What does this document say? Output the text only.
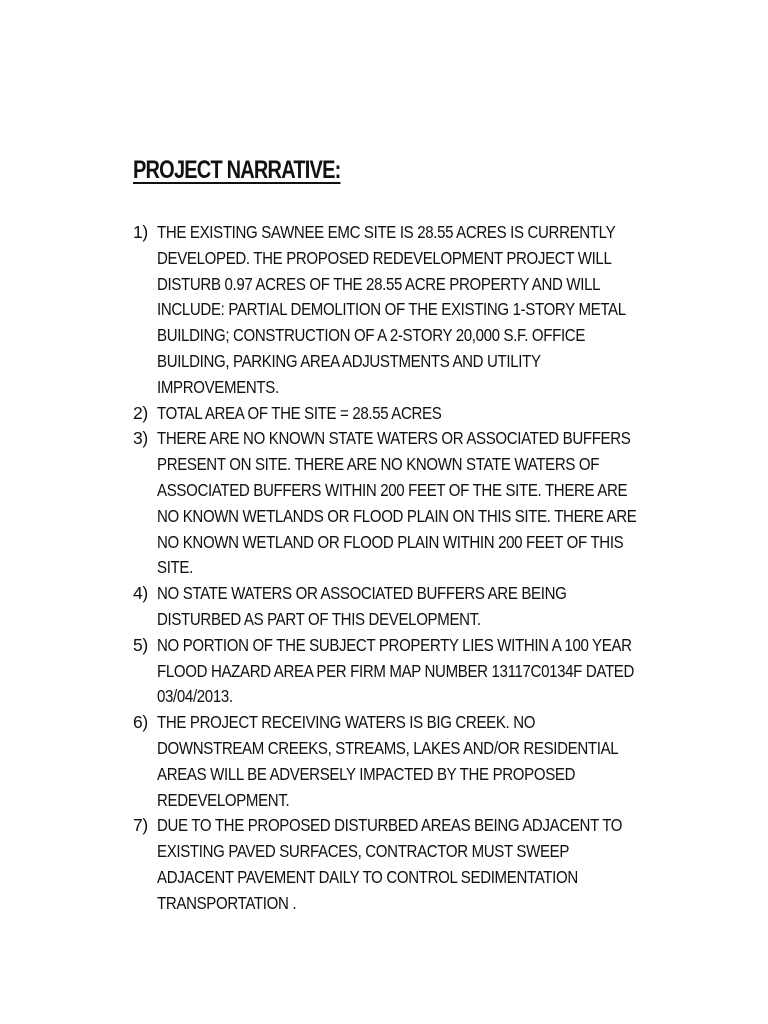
PROJECT NARRATIVE:
1) THE EXISTING SAWNEE EMC SITE IS 28.55 ACRES IS CURRENTLY DEVELOPED. THE PROPOSED REDEVELOPMENT PROJECT WILL DISTURB 0.97 ACRES OF THE 28.55 ACRE PROPERTY AND WILL INCLUDE: PARTIAL DEMOLITION OF THE EXISTING 1-STORY METAL BUILDING; CONSTRUCTION OF A 2-STORY 20,000 S.F. OFFICE BUILDING, PARKING AREA ADJUSTMENTS AND UTILITY IMPROVEMENTS.
2) TOTAL AREA OF THE SITE = 28.55 ACRES
3) THERE ARE NO KNOWN STATE WATERS OR ASSOCIATED BUFFERS PRESENT ON SITE. THERE ARE NO KNOWN STATE WATERS OF ASSOCIATED BUFFERS WITHIN 200 FEET OF THE SITE. THERE ARE NO KNOWN WETLANDS OR FLOOD PLAIN ON THIS SITE. THERE ARE NO KNOWN WETLAND OR FLOOD PLAIN WITHIN 200 FEET OF THIS SITE.
4) NO STATE WATERS OR ASSOCIATED BUFFERS ARE BEING DISTURBED AS PART OF THIS DEVELOPMENT.
5) NO PORTION OF THE SUBJECT PROPERTY LIES WITHIN A 100 YEAR FLOOD HAZARD AREA PER FIRM MAP NUMBER 13117C0134F DATED 03/04/2013.
6) THE PROJECT RECEIVING WATERS IS BIG CREEK. NO DOWNSTREAM CREEKS, STREAMS, LAKES AND/OR RESIDENTIAL AREAS WILL BE ADVERSELY IMPACTED BY THE PROPOSED REDEVELOPMENT.
7) DUE TO THE PROPOSED DISTURBED AREAS BEING ADJACENT TO EXISTING PAVED SURFACES, CONTRACTOR MUST SWEEP ADJACENT PAVEMENT DAILY TO CONTROL SEDIMENTATION TRANSPORTATION .
